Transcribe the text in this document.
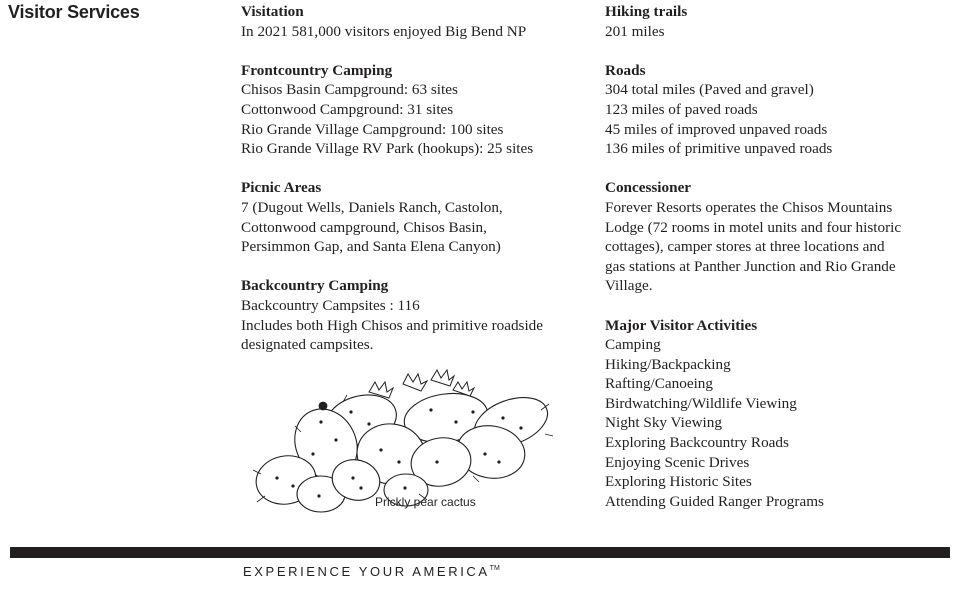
Visitor Services	Visitation
In 2021 581,000 visitors enjoyed Big Bend NP
Frontcountry Camping
Chisos Basin Campground: 63 sites
Cottonwood Campground: 31 sites
Rio Grande Village Campground: 100 sites
Rio Grande Village RV Park (hookups): 25 sites
Picnic Areas
7 (Dugout Wells, Daniels Ranch, Castolon,
Cottonwood campground, Chisos Basin,
Persimmon Gap, and Santa Elena Canyon)
Backcountry Camping
Backcountry Campsites : 116
Includes both High Chisos and primitive roadside
designated campsites.
Hiking trails
201 miles
Roads
304 total miles (Paved and gravel)
123 miles of paved roads
45 miles of improved unpaved roads
136 miles of primitive unpaved roads
Concessioner
Forever Resorts operates the Chisos Mountains
Lodge (72 rooms in motel units and four historic
cottages), camper stores at three locations and
gas stations at Panther Junction and Rio Grande
Village.
Major Visitor Activities
Camping
Hiking/Backpacking
Rafting/Canoeing
Birdwatching/Wildlife Viewing
Night Sky Viewing
Exploring Backcountry Roads
Enjoying Scenic Drives
Exploring Historic Sites
Attending Guided Ranger Programs
Prickly pear cactus
EXPERIENCE YOUR AMERICA™
